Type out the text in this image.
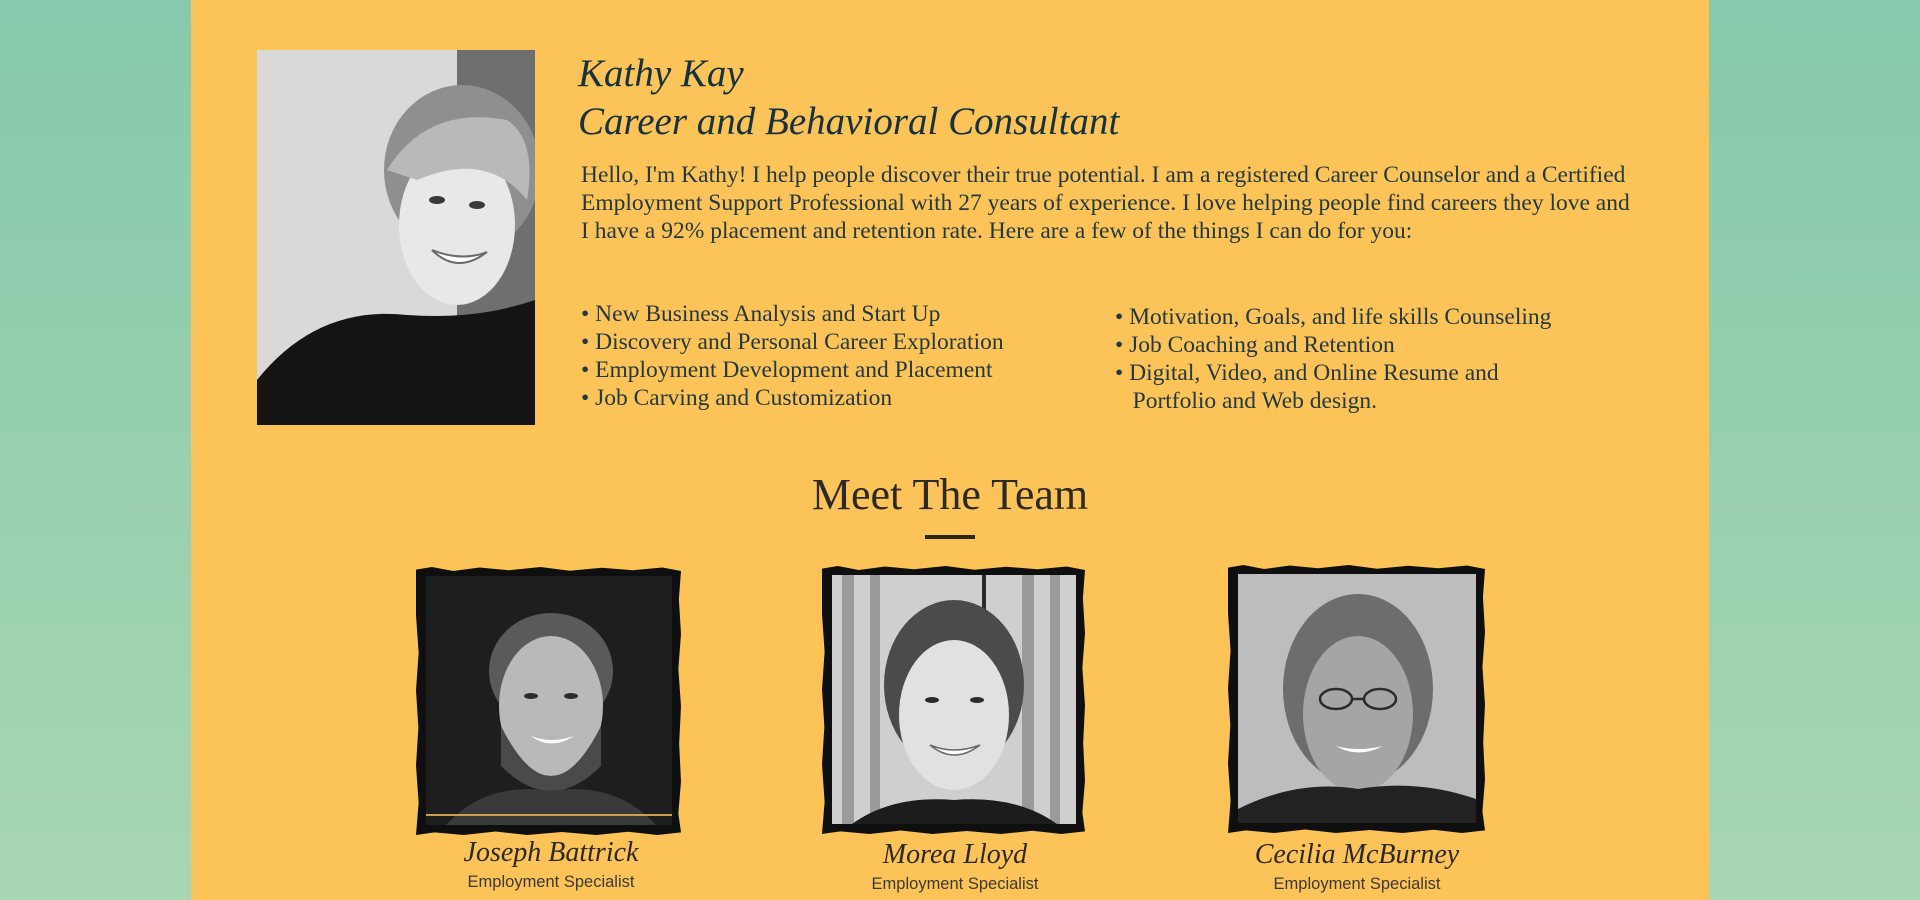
Kathy Kay
Career and Behavioral Consultant

Hello, I'm Kathy! I help people discover their true potential. I am a registered Career Counselor and a Certified Employment Support Professional with 27 years of experience. I love helping people find careers they love and I have a 92% placement and retention rate. Here are a few of the things I can do for you:

• New Business Analysis and Start Up
• Discovery and Personal Career Exploration
• Employment Development and Placement
• Job Carving and Customization
• Motivation, Goals, and life skills Counseling
• Job Coaching and Retention
• Digital, Video, and Online Resume and
Portfolio and Web design.
Meet The Team

Joseph Battrick

Employment Specialist

Morea Lloyd

Employment Specialist

Cecilia McBurney

Employment Specialist
